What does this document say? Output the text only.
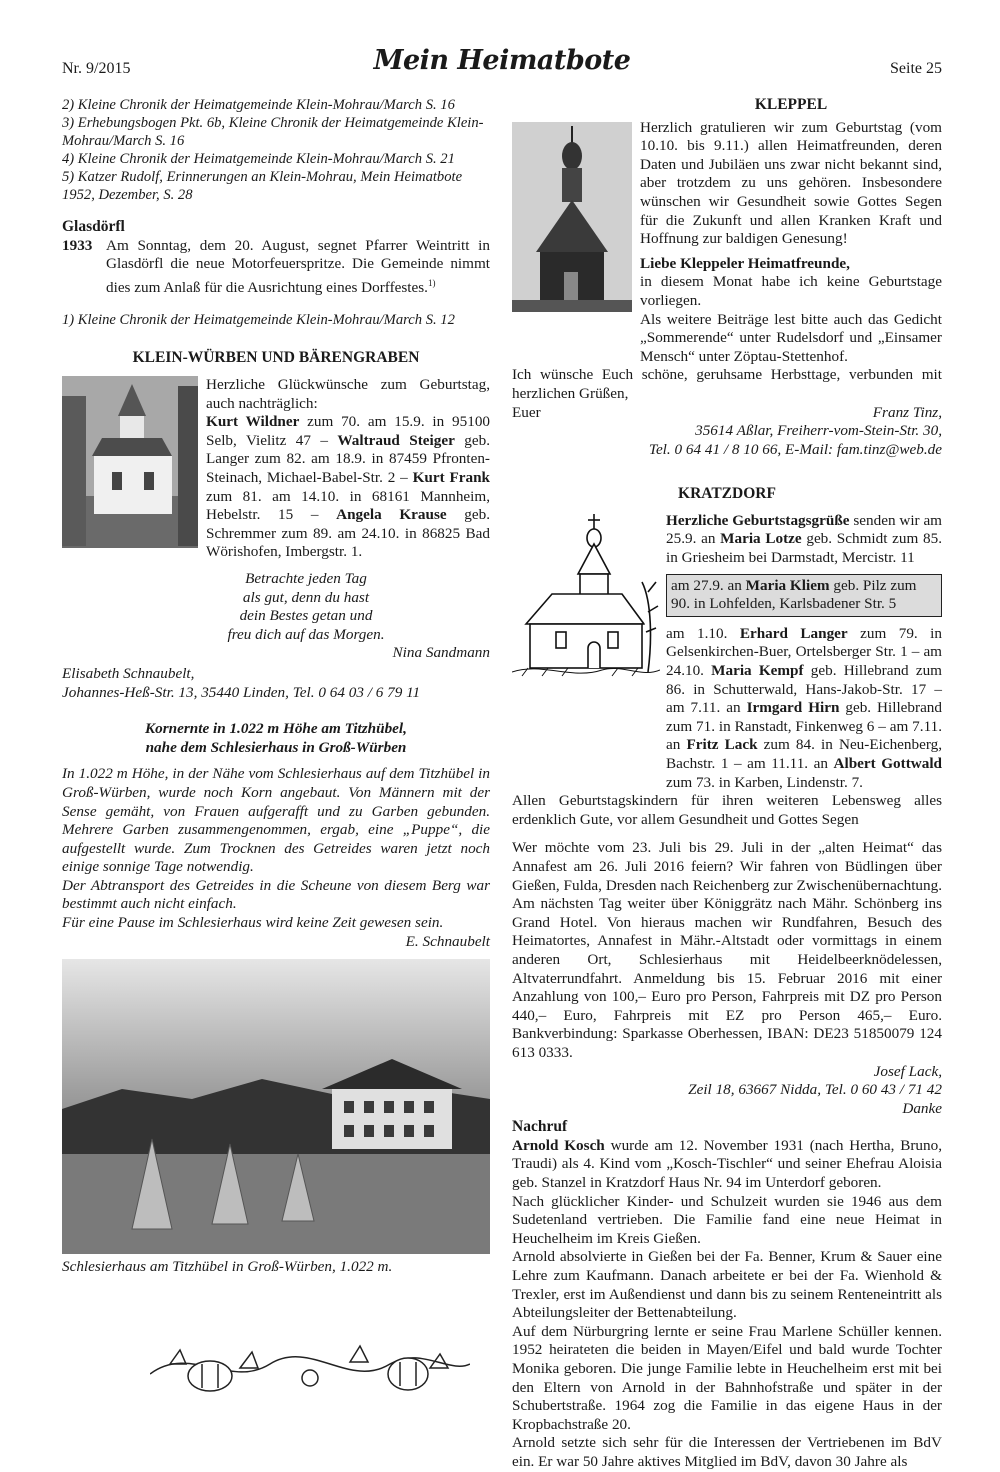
Nr. 9/2015	Mein Heimatbote	Seite 25

2) Kleine Chronik der Heimatgemeinde Klein-Mohrau/March S. 16

3) Erhebungsbogen Pkt. 6b, Kleine Chronik der Heimatgemeinde Klein-Mohrau/March S. 16

4) Kleine Chronik der Heimatgemeinde Klein-Mohrau/March S. 21

5) Katzer Rudolf, Erinnerungen an Klein-Mohrau, Mein Heimatbote 1952, Dezember, S. 28

Glasdörfl

1933 Am Sonntag, dem 20. August, segnet Pfarrer Weintritt in Glasdörfl die neue Motorfeuerspritze. Die Gemeinde nimmt dies zum Anlaß für die Ausrichtung eines Dorffestes.$^{1)}$

1) Kleine Chronik der Heimatgemeinde Klein-Mohrau/March S. 12

KLEIN-WÜRBEN UND BÄRENGRABEN

Herzliche Glückwünsche zum Geburtstag, auch nachträglich:
Kurt Wildner zum 70. am 15.9. in 95100 Selb, Vielitz 47 – Waltraud Steiger geb. Langer zum 82. am 18.9. in 87459 Pfronten-Steinach, Michael-Babel-Str. 2 – Kurt Frank zum 81. am 14.10. in 68161 Mannheim, Hebelstr. 15 – Angela Krause geb. Schremmer zum 89. am 24.10. in 86825 Bad Wörishofen, Imbergstr. 1.

Betrachte jeden Tag

als gut, denn du hast

dein Bestes getan und

freu dich auf das Morgen.

Nina Sandmann

Elisabeth Schnaubelt,

Johannes-Heß-Str. 13, 35440 Linden, Tel. 0 64 03 / 6 79 11

Kornernte in 1.022 m Höhe am Titzhübel,

nahe dem Schlesierhaus in Groß-Würben

In 1.022 m Höhe, in der Nähe vom Schlesierhaus auf dem Titzhübel in Groß-Würben, wurde noch Korn angebaut. Von Männern mit der Sense gemäht, von Frauen aufgerafft und zu Garben gebunden. Mehrere Garben zusammengenommen, ergab, eine „Puppe“, die aufgestellt wurde. Zum Trocknen des Getreides waren jetzt noch einige sonnige Tage notwendig.

Der Abtransport des Getreides in die Scheune von diesem Berg war bestimmt auch nicht einfach.

Für eine Pause im Schlesierhaus wird keine Zeit gewesen sein.

E. Schnaubelt

Schlesierhaus am Titzhübel in Groß-Würben, 1.022 m.

KLEPPEL

Herzlich gratulieren wir zum Geburtstag (vom 10.10. bis 9.11.) allen Heimatfreunden, deren Daten und Jubiläen uns zwar nicht bekannt sind, aber trotzdem zu uns gehören. Insbesondere wünschen wir Gesundheit sowie Gottes Segen für die Zukunft und allen Kranken Kraft und Hoffnung zur baldigen Genesung!

Liebe Kleppeler Heimatfreunde,

in diesem Monat habe ich keine Geburtstage vorliegen.

Als weitere Beiträge lest bitte auch das Gedicht „Sommerende“ unter Rudelsdorf und „Einsamer Mensch“ unter Zöptau-Stettenhof.

Ich wünsche Euch schöne, geruhsame Herbsttage, verbunden mit herzlichen Grüßen,

Euer	Franz Tinz,

35614 Aßlar, Freiherr-vom-Stein-Str. 30,

Tel. 0 64 41 / 8 10 66, E-Mail: fam.tinz@web.de

KRATZDORF

Herzliche Geburtstagsgrüße senden wir am 25.9. an Maria Lotze geb. Schmidt zum 85. in Griesheim bei Darmstadt, Mercistr. 11

am 27.9. an Maria Kliem geb. Pilz zum 90. in Lohfelden, Karlsbadener Str. 5

am 1.10. Erhard Langer zum 79. in Gelsenkirchen-Buer, Ortelsberger Str. 1 – am 24.10. Maria Kempf geb. Hillebrand zum 86. in Schutterwald, Hans-Jakob-Str. 17 – am 7.11. an Irmgard Hirn geb. Hillebrand zum 71. in Ranstadt, Finkenweg 6 – am 7.11. an Fritz Lack zum 84. in Neu-Eichenberg, Bachstr. 1 – am 11.11. an Albert Gottwald zum 73. in Karben, Lindenstr. 7.

Allen Geburtstagskindern für ihren weiteren Lebensweg alles erdenklich Gute, vor allem Gesundheit und Gottes Segen

Wer möchte vom 23. Juli bis 29. Juli in der „alten Heimat“ das Annafest am 26. Juli 2016 feiern? Wir fahren von Büdlingen über Gießen, Fulda, Dresden nach Reichenberg zur Zwischenübernachtung. Am nächsten Tag weiter über Königgrätz nach Mähr. Schönberg ins Grand Hotel. Von hieraus machen wir Rundfahren, Besuch des Heimatortes, Annafest in Mähr.-Altstadt oder vormittags in einem anderen Ort, Schlesierhaus mit Heidelbeerknödelessen, Altvaterrundfahrt. Anmeldung bis 15. Februar 2016 mit einer Anzahlung von 100,– Euro pro Person, Fahrpreis mit DZ pro Person 440,– Euro, Fahrpreis mit EZ pro Person 465,– Euro. Bankverbindung: Sparkasse Oberhessen, IBAN: DE23 51850079 124 613 0333.

Josef Lack,

Zeil 18, 63667 Nidda, Tel. 0 60 43 / 71 42

Danke

Nachruf

Arnold Kosch wurde am 12. November 1931 (nach Hertha, Bruno, Traudi) als 4. Kind vom „Kosch-Tischler“ und seiner Ehefrau Aloisia geb. Stanzel in Kratzdorf Haus Nr. 94 im Unterdorf geboren.

Nach glücklicher Kinder- und Schulzeit wurden sie 1946 aus dem Sudetenland vertrieben. Die Familie fand eine neue Heimat in Heuchelheim im Kreis Gießen.

Arnold absolvierte in Gießen bei der Fa. Benner, Krum & Sauer eine Lehre zum Kaufmann. Danach arbeitete er bei der Fa. Wienhold & Trexler, erst im Außendienst und dann bis zu seinem Renteneintritt als Abteilungsleiter der Bettenabteilung.

Auf dem Nürburgring lernte er seine Frau Marlene Schüller kennen. 1952 heirateten die beiden in Mayen/Eifel und bald wurde Tochter Monika geboren. Die junge Familie lebte in Heuchelheim erst mit bei den Eltern von Arnold in der Bahnhofstraße und später in der Schubertstraße. 1964 zog die Familie in das eigene Haus in der Kropbachstraße 20.

Arnold setzte sich sehr für die Interessen der Vertriebenen im BdV ein. Er war 50 Jahre aktives Mitglied im BdV, davon 30 Jahre als
